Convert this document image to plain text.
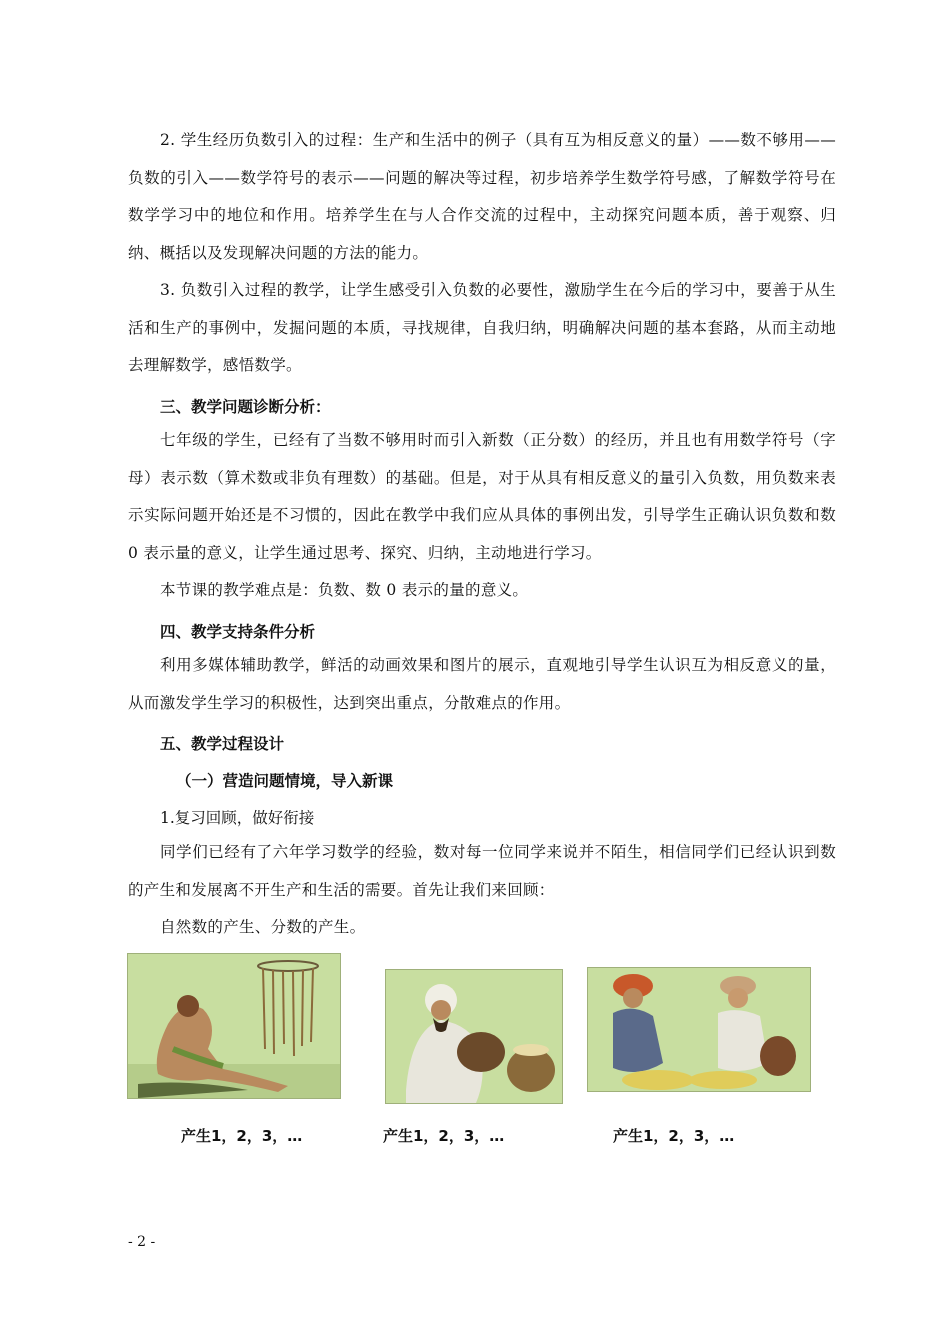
2. 学生经历负数引入的过程：生产和生活中的例子（具有互为相反意义的量）——数不够用——负数的引入——数学符号的表示——问题的解决等过程，初步培养学生数学符号感，了解数学符号在数学学习中的地位和作用。培养学生在与人合作交流的过程中，主动探究问题本质，善于观察、归纳、概括以及发现解决问题的方法的能力。
3. 负数引入过程的教学，让学生感受引入负数的必要性，激励学生在今后的学习中，要善于从生活和生产的事例中，发掘问题的本质，寻找规律，自我归纳，明确解决问题的基本套路，从而主动地去理解数学，感悟数学。
三、教学问题诊断分析：
七年级的学生，已经有了当数不够用时而引入新数（正分数）的经历，并且也有用数学符号（字母）表示数（算术数或非负有理数）的基础。但是，对于从具有相反意义的量引入负数，用负数来表示实际问题开始还是不习惯的，因此在教学中我们应从具体的事例出发，引导学生正确认识负数和数 0 表示量的意义，让学生通过思考、探究、归纳，主动地进行学习。
本节课的教学难点是：负数、数 0 表示的量的意义。
四、教学支持条件分析
利用多媒体辅助教学，鲜活的动画效果和图片的展示，直观地引导学生认识互为相反意义的量，从而激发学生学习的积极性，达到突出重点，分散难点的作用。
五、教学过程设计
（一）营造问题情境，导入新课
1.复习回顾，做好衔接
同学们已经有了六年学习数学的经验，数对每一位同学来说并不陌生，相信同学们已经认识到数的产生和发展离不开生产和生活的需要。首先让我们来回顾：
自然数的产生、分数的产生。
产生1，2，3，…	产生1，2，3，…	产生1，2，3，…
- 2 -
